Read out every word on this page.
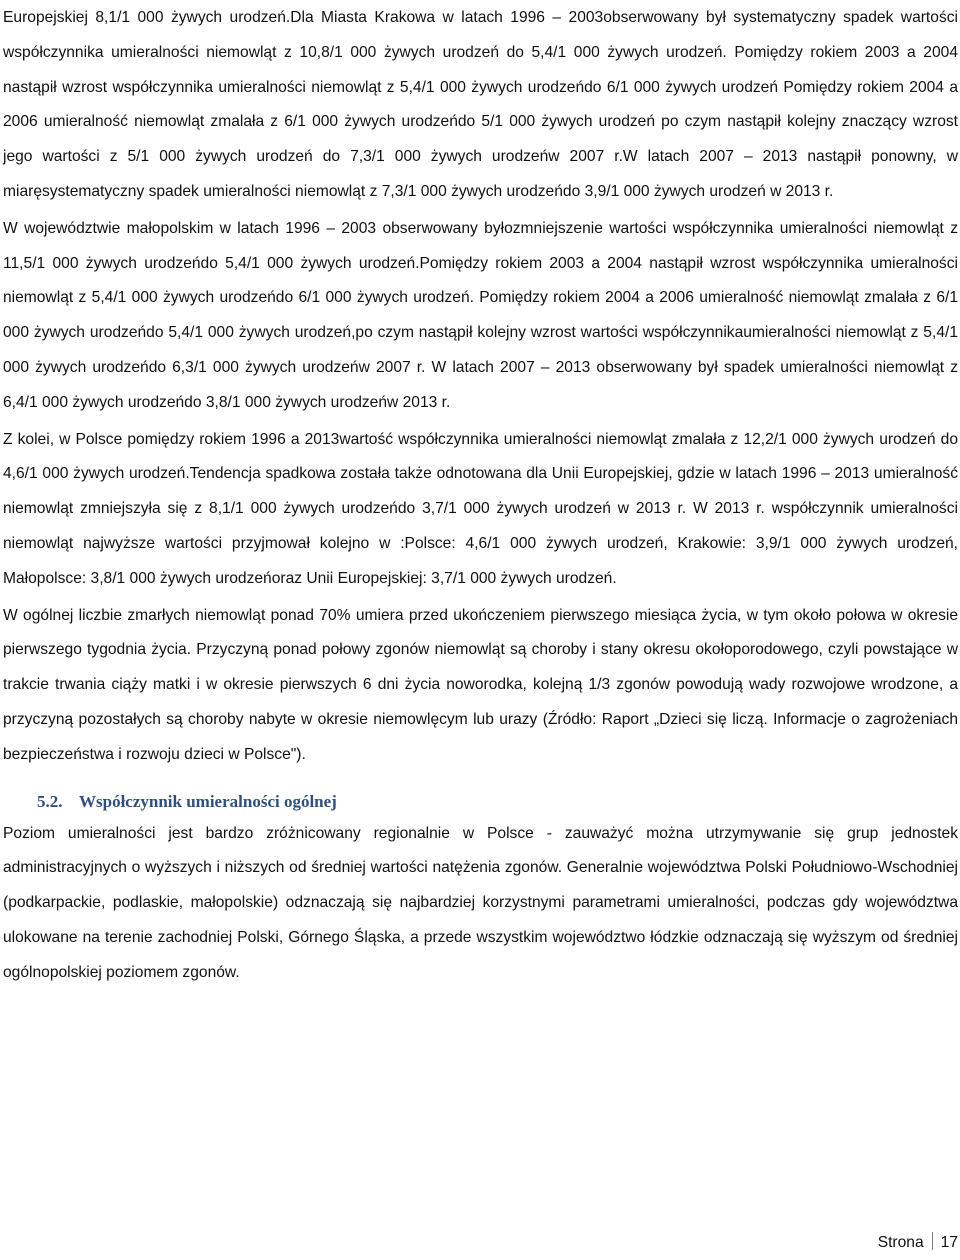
Europejskiej 8,1/1 000 żywych urodzeń.Dla Miasta Krakowa w latach 1996 – 2003obserwowany był systematyczny spadek wartości współczynnika umieralności niemowląt z 10,8/1 000 żywych urodzeń do 5,4/1 000 żywych urodzeń. Pomiędzy rokiem 2003 a 2004 nastąpił wzrost współczynnika umieralności niemowląt z 5,4/1 000 żywych urodzeńdo 6/1 000 żywych urodzeń Pomiędzy rokiem 2004 a 2006 umieralność niemowląt zmalała z 6/1 000 żywych urodzeńdo 5/1 000 żywych urodzeń po czym nastąpił kolejny znaczący wzrost jego wartości z 5/1 000 żywych urodzeń do 7,3/1 000 żywych urodzeńw 2007 r.W latach 2007 – 2013 nastąpił ponowny, w miaręsystematyczny spadek umieralności niemowląt z 7,3/1 000 żywych urodzeńdo 3,9/1 000 żywych urodzeń w 2013 r.

W województwie małopolskim w latach 1996 – 2003 obserwowany byłozmniejszenie wartości współczynnika umieralności niemowląt z 11,5/1 000 żywych urodzeńdo 5,4/1 000 żywych urodzeń.Pomiędzy rokiem 2003 a 2004 nastąpił wzrost współczynnika umieralności niemowląt z 5,4/1 000 żywych urodzeńdo 6/1 000 żywych urodzeń. Pomiędzy rokiem 2004 a 2006 umieralność niemowląt zmalała z 6/1 000 żywych urodzeńdo 5,4/1 000 żywych urodzeń,po czym nastąpił kolejny wzrost wartości współczynnikaumieralności niemowląt z 5,4/1 000 żywych urodzeńdo 6,3/1 000 żywych urodzeńw 2007 r. W latach 2007 – 2013 obserwowany był spadek umieralności niemowląt z 6,4/1 000 żywych urodzeńdo 3,8/1 000 żywych urodzeńw 2013 r.

Z kolei, w Polsce pomiędzy rokiem 1996 a 2013wartość współczynnika umieralności niemowląt zmalała z 12,2/1 000 żywych urodzeń do 4,6/1 000 żywych urodzeń.Tendencja spadkowa została także odnotowana dla Unii Europejskiej, gdzie w latach 1996 – 2013 umieralność niemowląt zmniejszyła się z 8,1/1 000 żywych urodzeńdo 3,7/1 000 żywych urodzeń w 2013 r. W 2013 r. współczynnik umieralności niemowląt najwyższe wartości przyjmował kolejno w :Polsce: 4,6/1 000 żywych urodzeń, Krakowie: 3,9/1 000 żywych urodzeń, Małopolsce: 3,8/1 000 żywych urodzeńoraz Unii Europejskiej: 3,7/1 000 żywych urodzeń.

W ogólnej liczbie zmarłych niemowląt ponad 70% umiera przed ukończeniem pierwszego miesiąca życia, w tym około połowa w okresie pierwszego tygodnia życia. Przyczyną ponad połowy zgonów niemowląt są choroby i stany okresu okołoporodowego, czyli powstające w trakcie trwania ciąży matki i w okresie pierwszych 6 dni życia noworodka, kolejną 1/3 zgonów powodują wady rozwojowe wrodzone, a przyczyną pozostałych są choroby nabyte w okresie niemowlęcym lub urazy (Źródło: Raport „Dzieci się liczą. Informacje o zagrożeniach bezpieczeństwa i rozwoju dzieci w Polsce").

5.2. Współczynnik umieralności ogólnej

Poziom umieralności jest bardzo zróżnicowany regionalnie w Polsce - zauważyć można utrzymywanie się grup jednostek administracyjnych o wyższych i niższych od średniej wartości natężenia zgonów. Generalnie województwa Polski Południowo-Wschodniej (podkarpackie, podlaskie, małopolskie) odznaczają się najbardziej korzystnymi parametrami umieralności, podczas gdy województwa ulokowane na terenie zachodniej Polski, Górnego Śląska, a przede wszystkim województwo łódzkie odznaczają się wyższym od średniej ogólnopolskiej poziomem zgonów.

Strona 17
